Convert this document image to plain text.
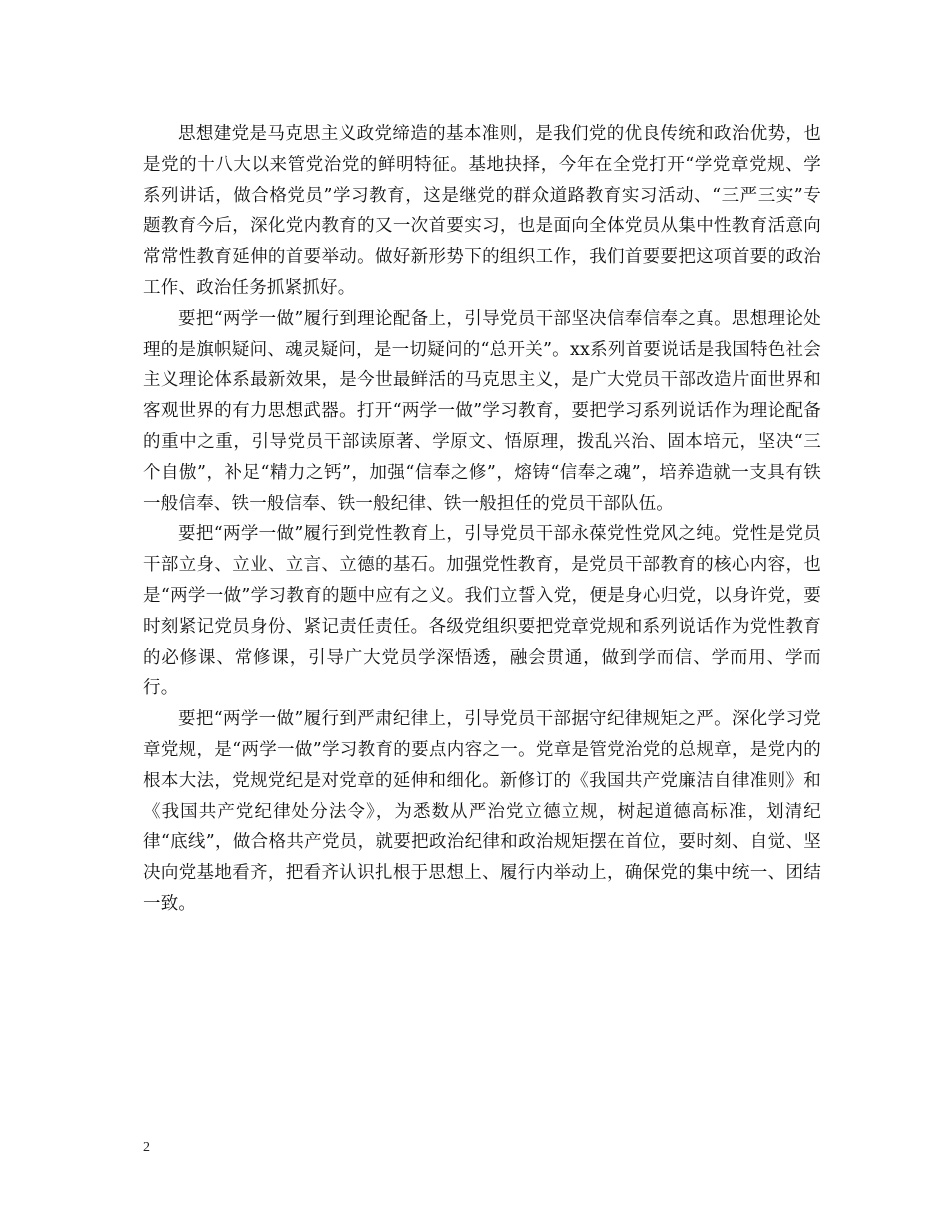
思想建党是马克思主义政党缔造的基本准则，是我们党的优良传统和政治优势，也是党的十八大以来管党治党的鲜明特征。基地抉择，今年在全党打开“学党章党规、学系列讲话，做合格党员”学习教育，这是继党的群众道路教育实习活动、“三严三实”专题教育今后，深化党内教育的又一次首要实习，也是面向全体党员从集中性教育活意向常常性教育延伸的首要举动。做好新形势下的组织工作，我们首要要把这项首要的政治工作、政治任务抓紧抓好。

要把“两学一做”履行到理论配备上，引导党员干部坚决信奉信奉之真。思想理论处理的是旗帜疑问、魂灵疑问，是一切疑问的“总开关”。xx系列首要说话是我国特色社会主义理论体系最新效果，是今世最鲜活的马克思主义，是广大党员干部改造片面世界和客观世界的有力思想武器。打开“两学一做”学习教育，要把学习系列说话作为理论配备的重中之重，引导党员干部读原著、学原文、悟原理，拨乱兴治、固本培元，坚决“三个自傲”，补足“精力之钙”，加强“信奉之修”，熔铸“信奉之魂”，培养造就一支具有铁一般信奉、铁一般信奉、铁一般纪律、铁一般担任的党员干部队伍。

要把“两学一做”履行到党性教育上，引导党员干部永葆党性党风之纯。党性是党员干部立身、立业、立言、立德的基石。加强党性教育，是党员干部教育的核心内容，也是“两学一做”学习教育的题中应有之义。我们立誓入党，便是身心归党，以身许党，要时刻紧记党员身份、紧记责任责任。各级党组织要把党章党规和系列说话作为党性教育的必修课、常修课，引导广大党员学深悟透，融会贯通，做到学而信、学而用、学而行。

要把“两学一做”履行到严肃纪律上，引导党员干部据守纪律规矩之严。深化学习党章党规，是“两学一做”学习教育的要点内容之一。党章是管党治党的总规章，是党内的根本大法，党规党纪是对党章的延伸和细化。新修订的《我国共产党廉洁自律准则》和《我国共产党纪律处分法令》，为悉数从严治党立德立规，树起道德高标准，划清纪律“底线”，做合格共产党员，就要把政治纪律和政治规矩摆在首位，要时刻、自觉、坚决向党基地看齐，把看齐认识扎根于思想上、履行内举动上，确保党的集中统一、团结一致。

2
